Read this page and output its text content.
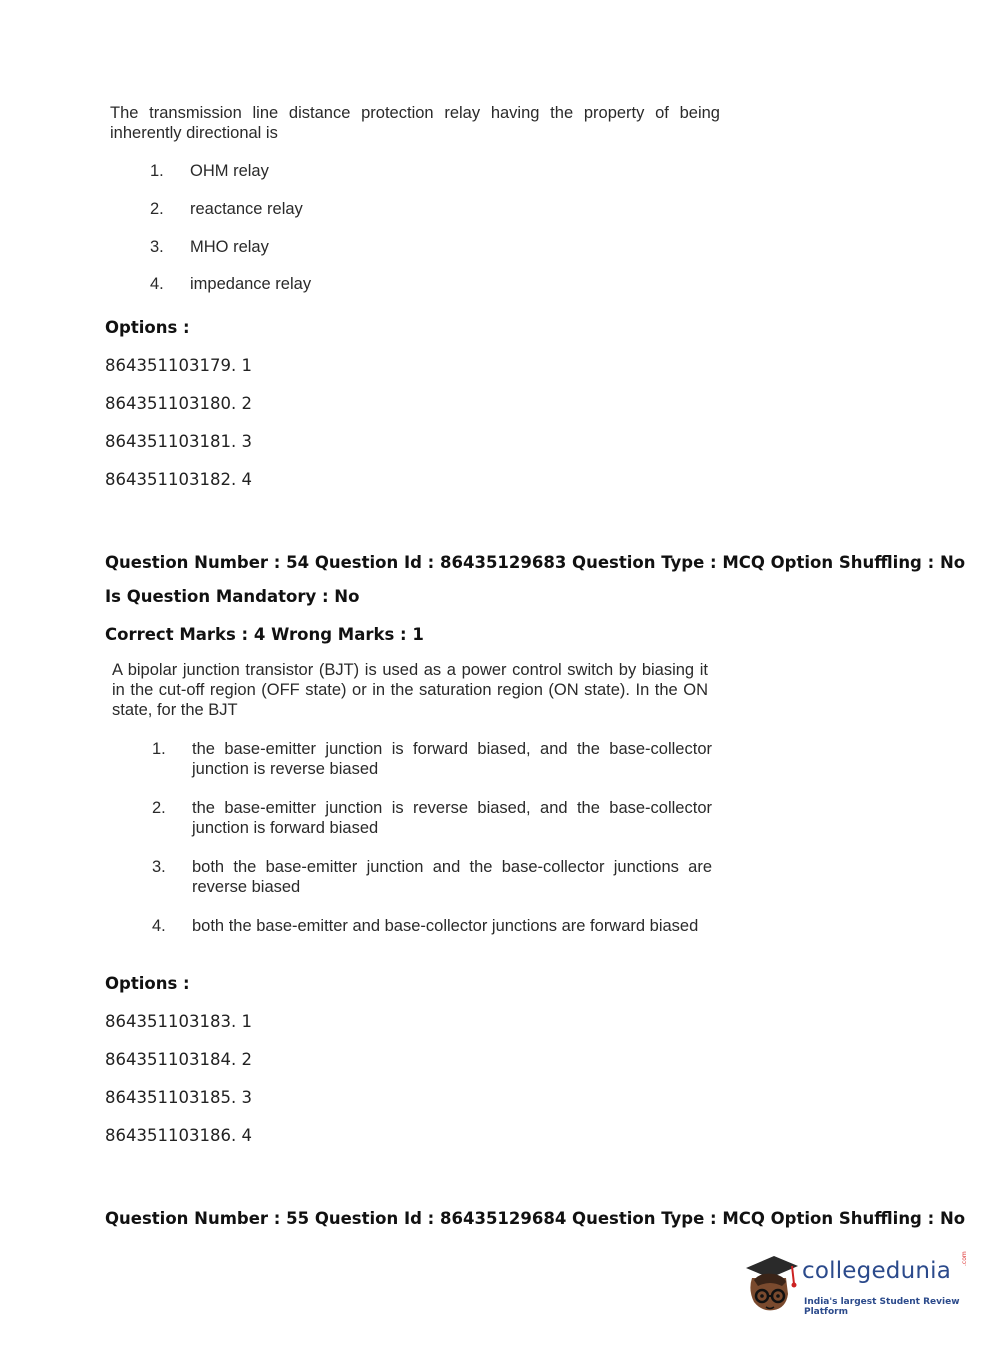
The transmission line distance protection relay having the property of being inherently directional is
1.	OHM relay
2.	reactance relay
3.	MHO relay
4.	impedance relay
Options :
864351103179. 1
864351103180. 2
864351103181. 3
864351103182. 4
Question Number : 54 Question Id : 86435129683 Question Type : MCQ Option Shuffling : No
Is Question Mandatory : No
Correct Marks : 4 Wrong Marks : 1
A bipolar junction transistor (BJT) is used as a power control switch by biasing it in the cut-off region (OFF state) or in the saturation region (ON state). In the ON state, for the BJT
1.	the base-emitter junction is forward biased, and the base-collector junction is reverse biased
2.	the base-emitter junction is reverse biased, and the base-collector junction is forward biased
3.	both the base-emitter junction and the base-collector junctions are reverse biased
4.	both the base-emitter and base-collector junctions are forward biased
Options :
864351103183. 1
864351103184. 2
864351103185. 3
864351103186. 4
Question Number : 55 Question Id : 86435129684 Question Type : MCQ Option Shuffling : No
collegedunia .com
India's largest Student Review Platform
